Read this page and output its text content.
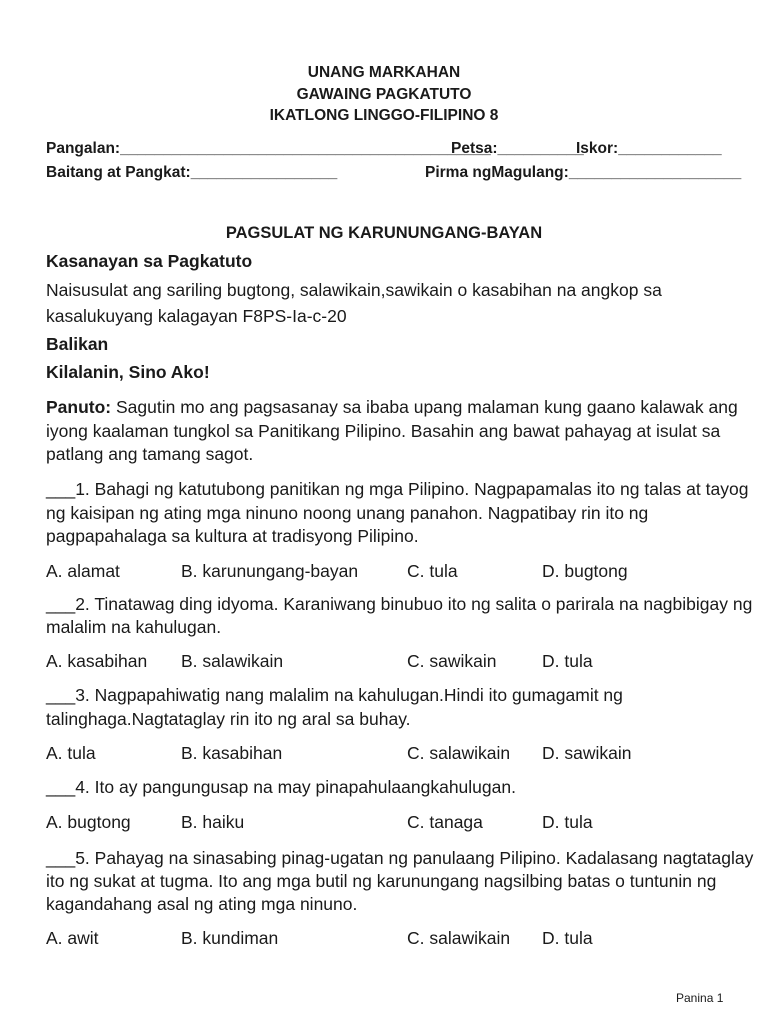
UNANG MARKAHAN
GAWAING PAGKATUTO
IKATLONG LINGGO-FILIPINO 8
Pangalan:___________________________________________
Petsa:__________
Iskor:____________
Baitang at Pangkat:_________________	Pirma ngMagulang:____________________
PAGSULAT NG KARUNUNGANG-BAYAN
Kasanayan sa Pagkatuto
Naisusulat ang sariling bugtong, salawikain,sawikain o kasabihan na angkop sa
kasalukuyang kalagayan F8PS-Ia-c-20
Balikan
Kilalanin, Sino Ako!
Panuto: Sagutin mo ang pagsasanay sa ibaba upang malaman kung gaano kalawak ang
iyong kaalaman tungkol sa Panitikang Pilipino. Basahin ang bawat pahayag at isulat sa
patlang ang tamang sagot.
___1. Bahagi ng katutubong panitikan ng mga Pilipino. Nagpapamalas ito ng talas at tayog
ng kaisipan ng ating mga ninuno noong unang panahon. Nagpatibay rin ito ng
pagpapahalaga sa kultura at tradisyong Pilipino.
A. alamat	B. karunungang-bayan	C. tula	D. bugtong
___2. Tinatawag ding idyoma. Karaniwang binubuo ito ng salita o parirala na nagbibigay ng
malalim na kahulugan.
A. kasabihan B. salawikain	C. sawikain	D. tula
___3. Nagpapahiwatig nang malalim na kahulugan.Hindi ito gumagamit ng
talinghaga.Nagtataglay rin ito ng aral sa buhay.
A. tula	B. kasabihan	C. salawikain D. sawikain
___4. Ito ay pangungusap na may pinapahulaangkahulugan.
A. bugtong	B. haiku	C. tanaga	D. tula
___5. Pahayag na sinasabing pinag-ugatan ng panulaang Pilipino. Kadalasang nagtataglay
ito ng sukat at tugma. Ito ang mga butil ng karunungang nagsilbing batas o tuntunin ng
kagandahang asal ng ating mga ninuno.
A. awit	B. kundiman	C. salawikain D. tula
Panina 1
